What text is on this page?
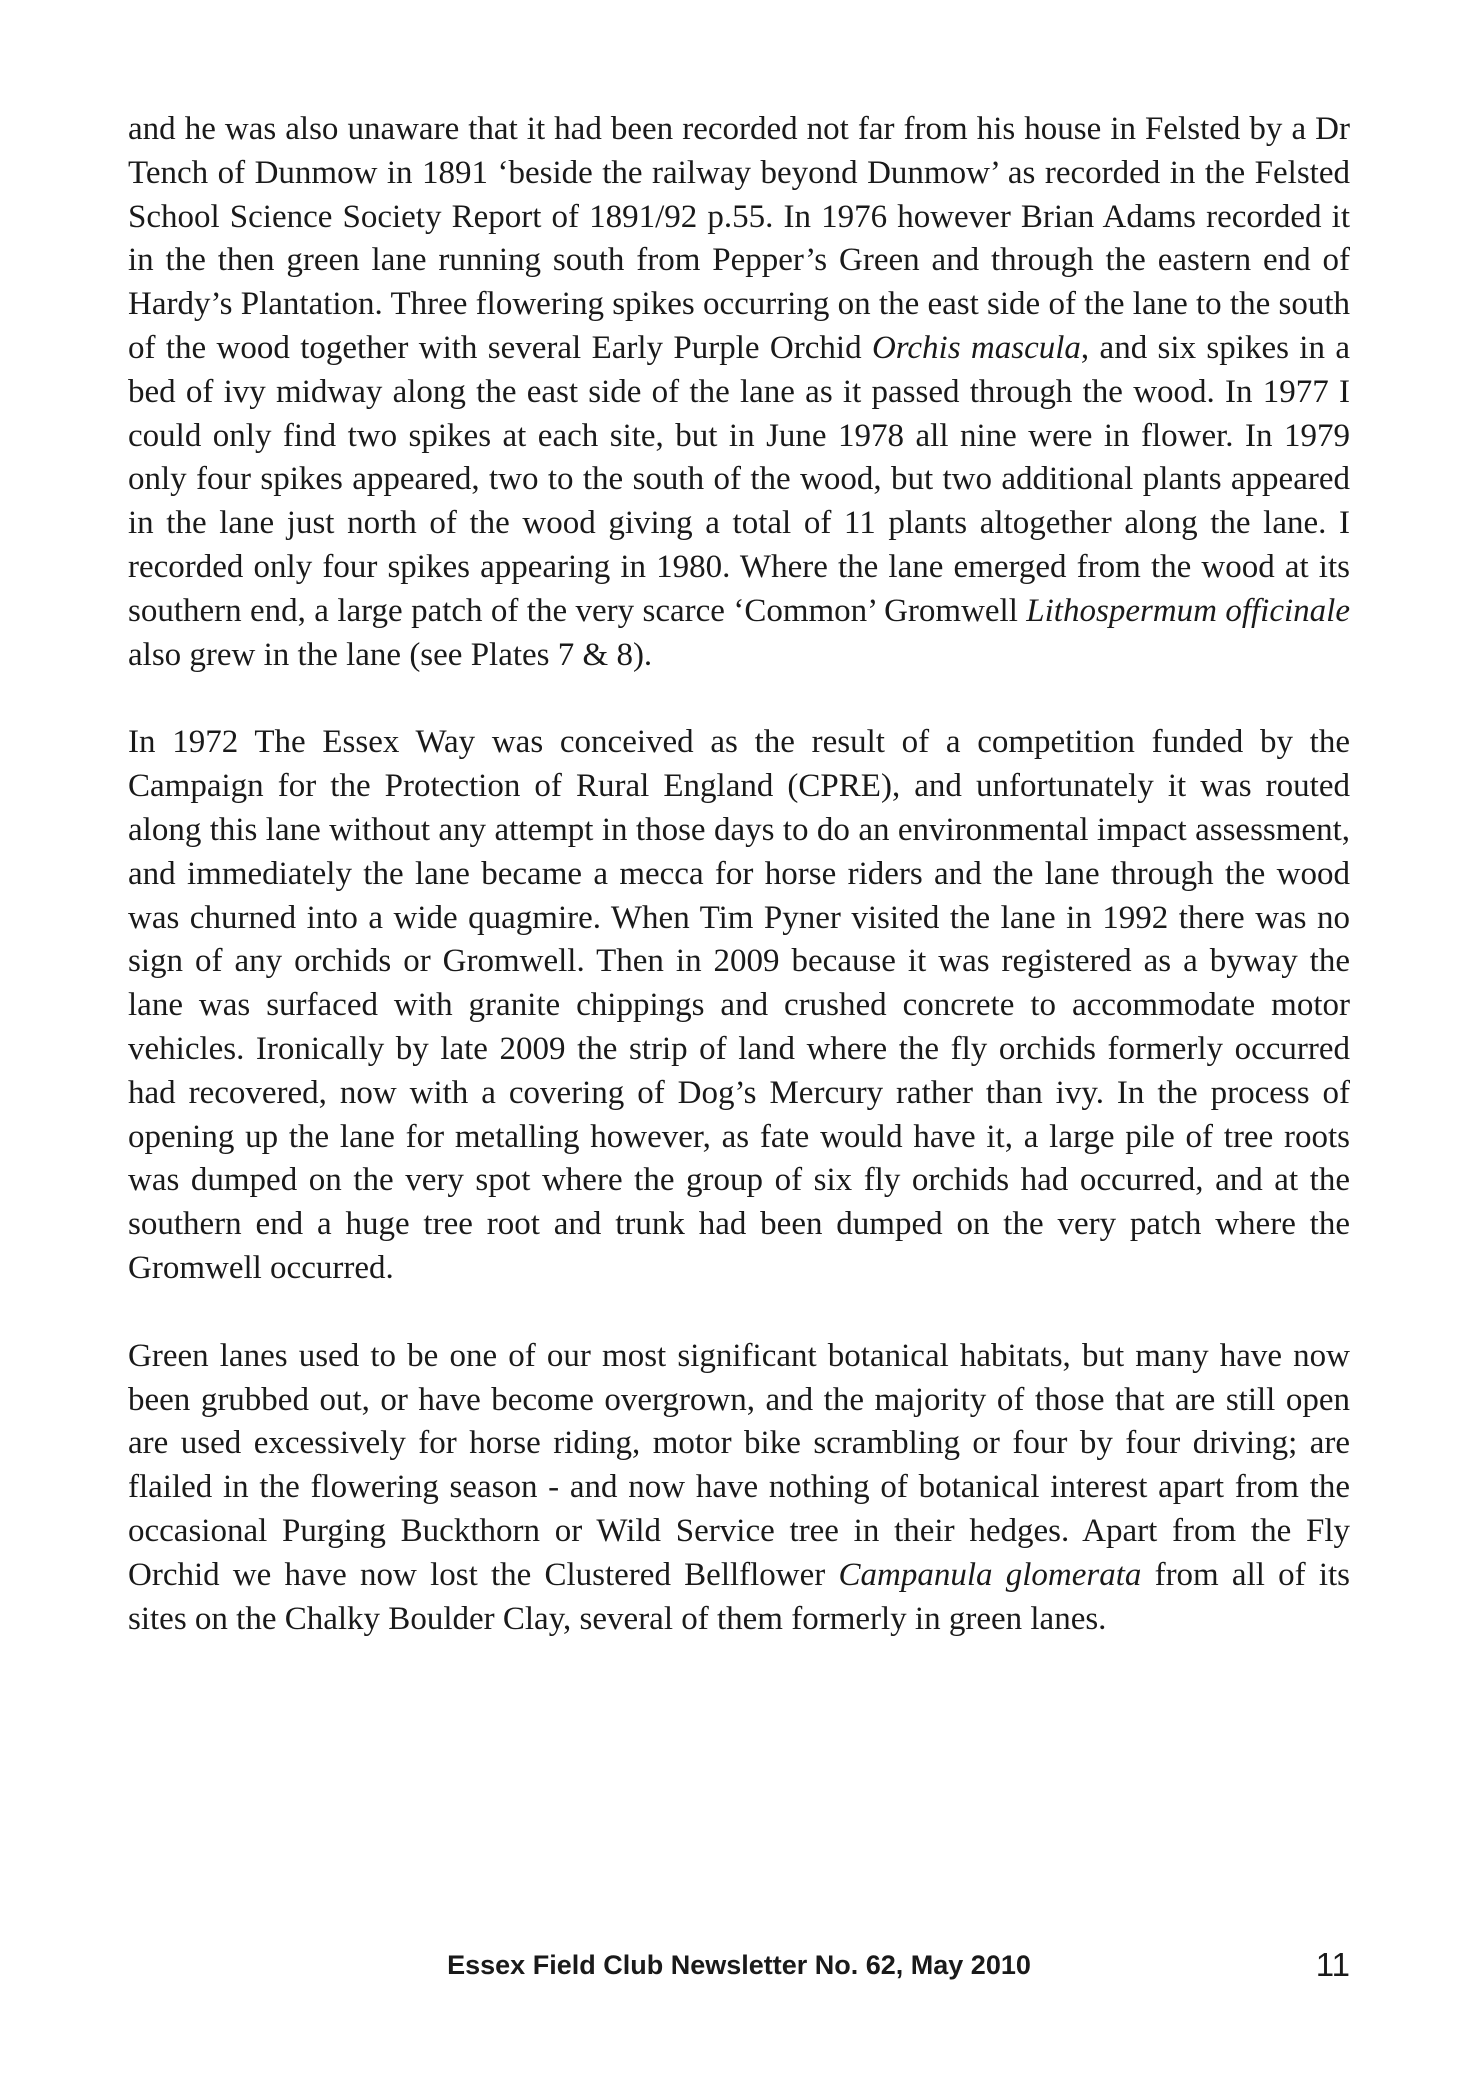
and he was also unaware that it had been recorded not far from his house in Felsted by a Dr Tench of Dunmow in 1891 ‘beside the railway beyond Dunmow’ as recorded in the Felsted School Science Society Report of 1891/92 p.55. In 1976 however Brian Adams recorded it in the then green lane running south from Pepper’s Green and through the eastern end of Hardy’s Plantation. Three flowering spikes occurring on the east side of the lane to the south of the wood together with several Early Purple Orchid Orchis mascula, and six spikes in a bed of ivy midway along the east side of the lane as it passed through the wood. In 1977 I could only find two spikes at each site, but in June 1978 all nine were in flower. In 1979 only four spikes appeared, two to the south of the wood, but two additional plants appeared in the lane just north of the wood giving a total of 11 plants altogether along the lane. I recorded only four spikes appearing in 1980. Where the lane emerged from the wood at its southern end, a large patch of the very scarce ‘Common’ Gromwell Lithospermum officinale also grew in the lane (see Plates 7 & 8).

In 1972 The Essex Way was conceived as the result of a competition funded by the Campaign for the Protection of Rural England (CPRE), and unfortunately it was routed along this lane without any attempt in those days to do an environmental impact assessment, and immediately the lane became a mecca for horse riders and the lane through the wood was churned into a wide quagmire. When Tim Pyner visited the lane in 1992 there was no sign of any orchids or Gromwell. Then in 2009 because it was registered as a byway the lane was surfaced with granite chippings and crushed concrete to accommodate motor vehicles. Ironically by late 2009 the strip of land where the fly orchids formerly occurred had recovered, now with a covering of Dog’s Mercury rather than ivy. In the process of opening up the lane for metalling however, as fate would have it, a large pile of tree roots was dumped on the very spot where the group of six fly orchids had occurred, and at the southern end a huge tree root and trunk had been dumped on the very patch where the Gromwell occurred.

Green lanes used to be one of our most significant botanical habitats, but many have now been grubbed out, or have become overgrown, and the majority of those that are still open are used excessively for horse riding, motor bike scrambling or four by four driving; are flailed in the flowering season - and now have nothing of botanical interest apart from the occasional Purging Buckthorn or Wild Service tree in their hedges. Apart from the Fly Orchid we have now lost the Clustered Bellflower Campanula glomerata from all of its sites on the Chalky Boulder Clay, several of them formerly in green lanes.

Essex Field Club Newsletter No. 62, May 2010	11
